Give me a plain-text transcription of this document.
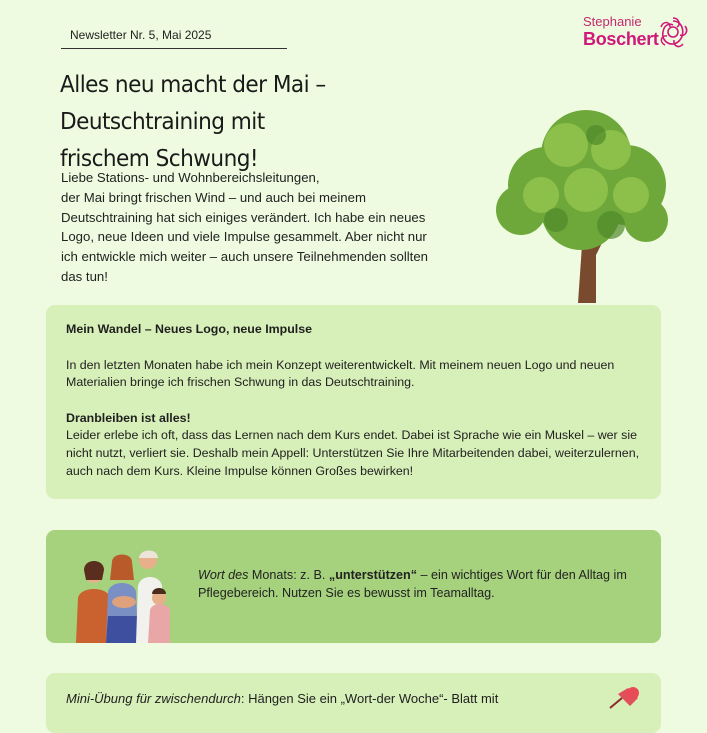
Newsletter Nr. 5, Mai 2025
Stephanie
Boschert
Alles neu macht der Mai – Deutschtraining mit
frischem Schwung!
Liebe Stations- und Wohnbereichsleitungen,
der Mai bringt frischen Wind – und auch bei meinem
Deutschtraining hat sich einiges verändert. Ich habe ein neues
Logo, neue Ideen und viele Impulse gesammelt. Aber nicht nur
ich entwickle mich weiter – auch unsere Teilnehmenden sollten
das tun!

Mein Wandel – Neues Logo, neue Impulse

In den letzten Monaten habe ich mein Konzept weiterentwickelt. Mit meinem neuen Logo und neuen Materialien bringe ich frischen Schwung in das Deutschtraining.

Dranbleiben ist alles!

Leider erlebe ich oft, dass das Lernen nach dem Kurs endet. Dabei ist Sprache wie ein Muskel – wer sie nicht nutzt, verliert sie. Deshalb mein Appell: Unterstützen Sie Ihre Mitarbeitenden dabei, weiterzulernen, auch nach dem Kurs. Kleine Impulse können Großes bewirken!

Wort des Monats: z. B. „unterstützen“ – ein wichtiges Wort für den Alltag im Pflegebereich. Nutzen Sie es bewusst im Teamalltag.
Mini-Übung für zwischendurch: Hängen Sie ein „Wort-der Woche“- Blatt mit
